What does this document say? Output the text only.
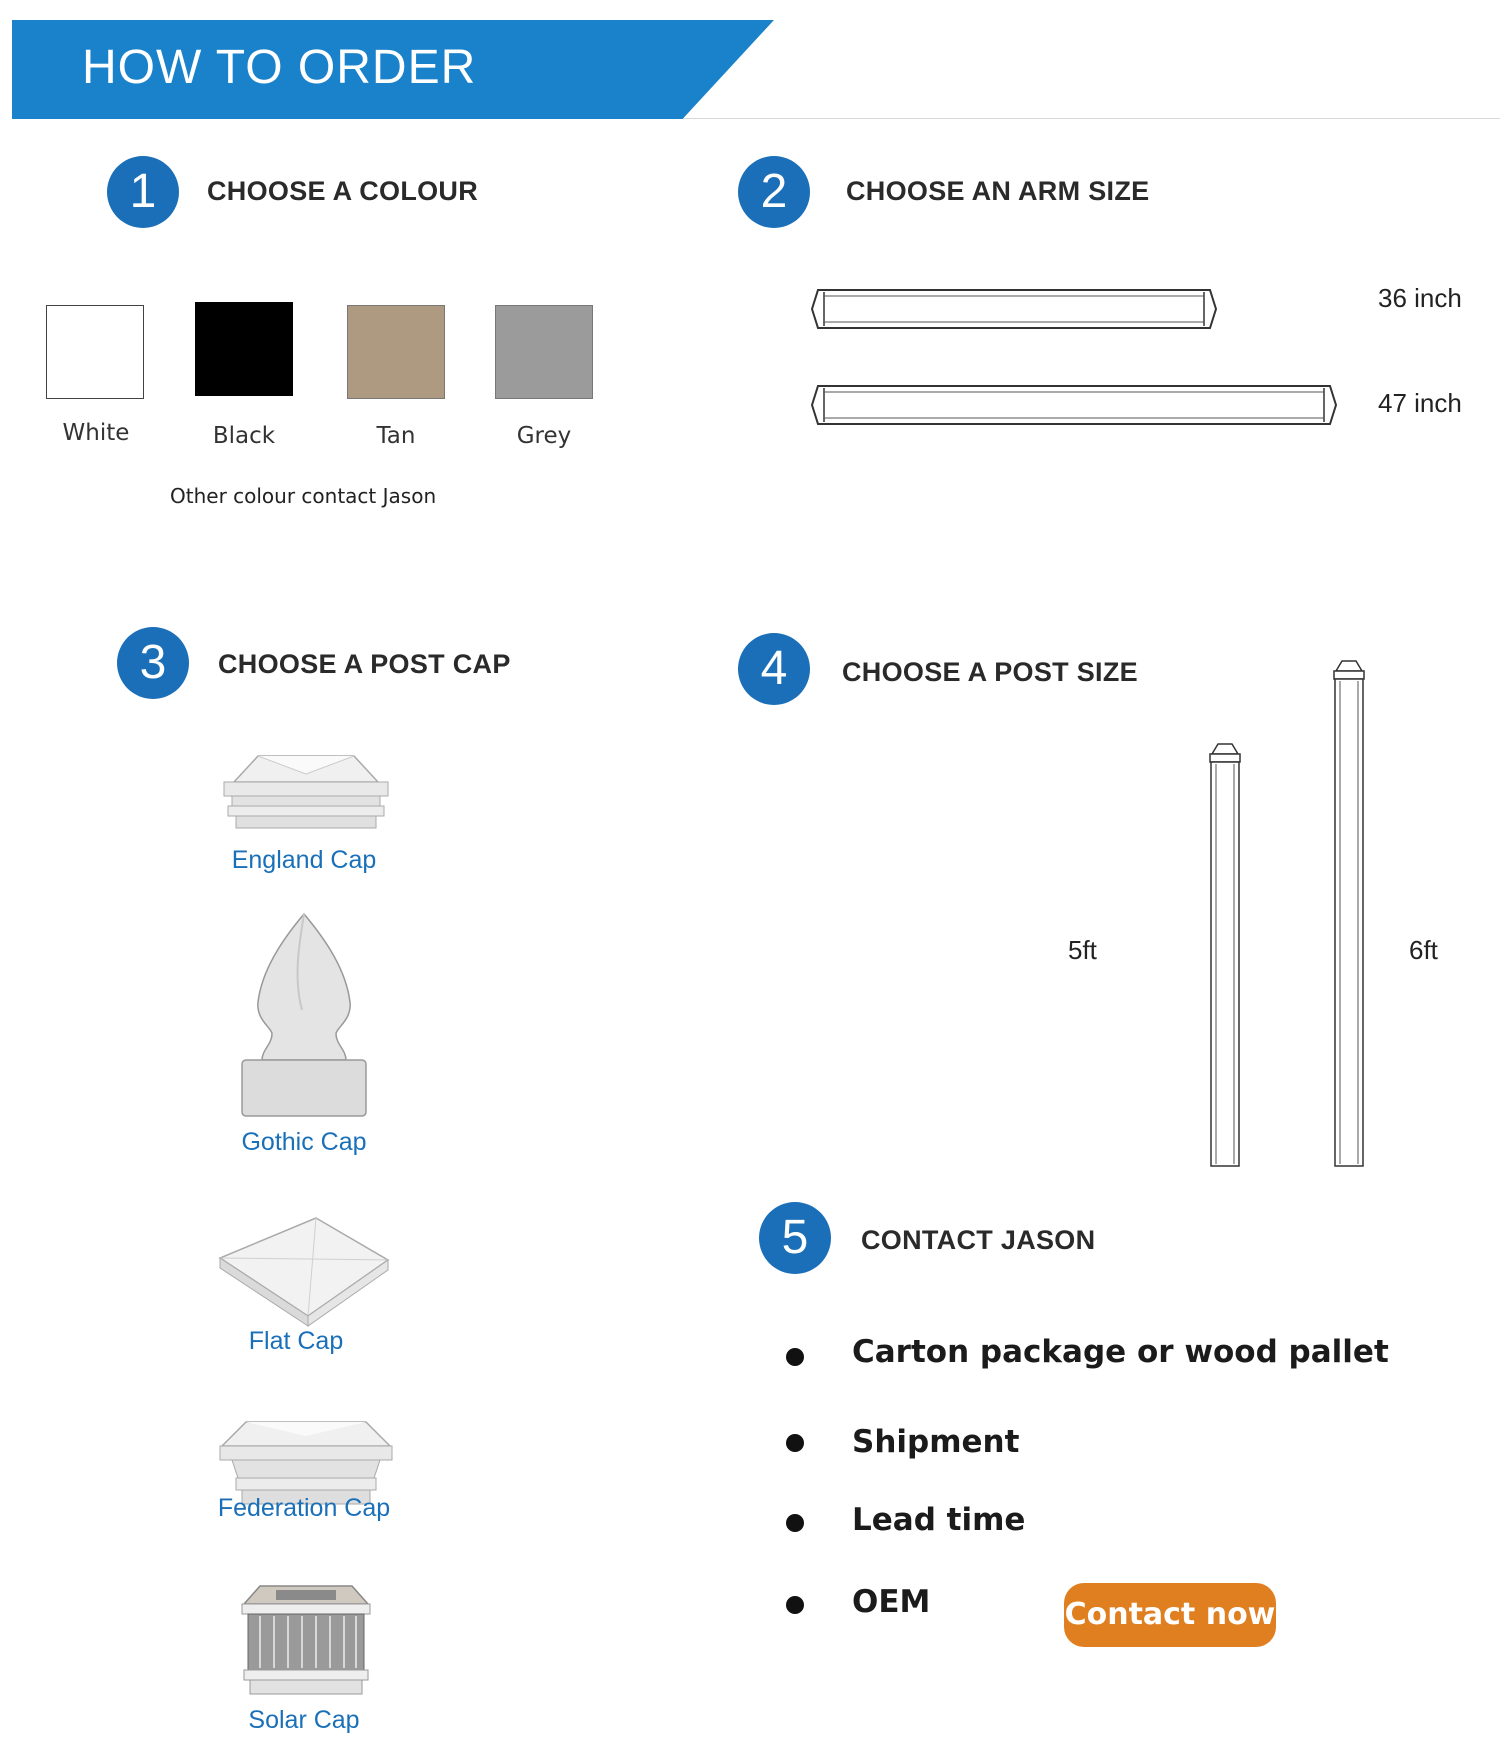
HOW TO ORDER
1	CHOOSE A COLOUR
White	Black	Tan	Grey
Other colour contact Jason
2	CHOOSE AN ARM SIZE
36 inch
47 inch
3	CHOOSE A POST CAP
England Cap
Gothic Cap
Flat Cap
Federation Cap
Solar Cap
4	CHOOSE A POST SIZE
5ft	6ft
5	CONTACT JASON
Carton package or wood pallet
Shipment
Lead time
OEM	Contact now
